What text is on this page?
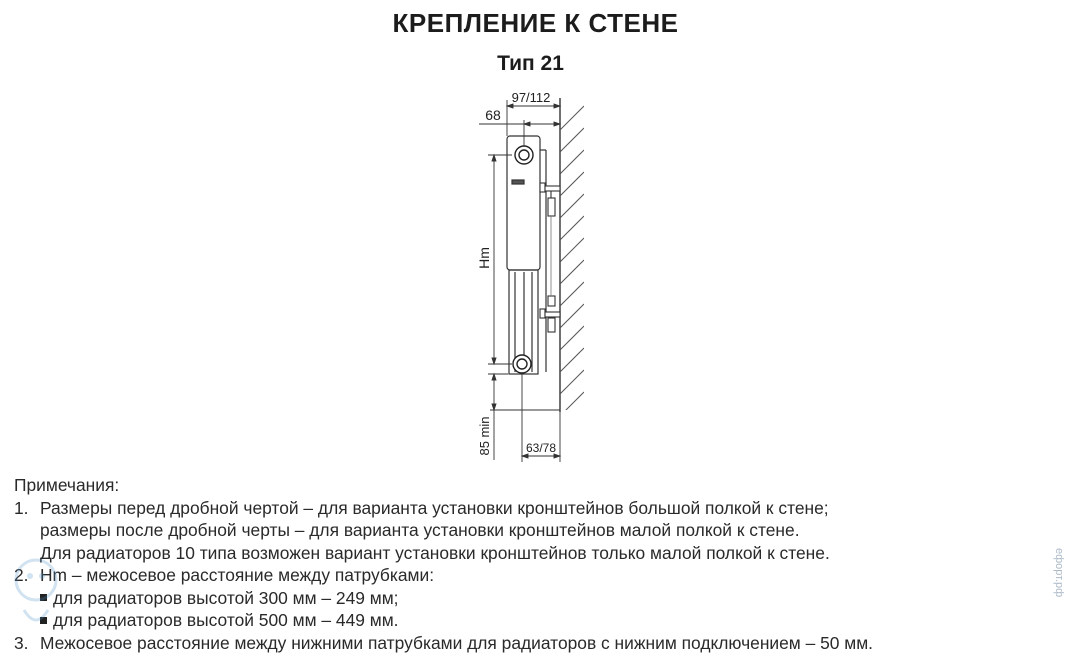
КРЕПЛЕНИЕ К СТЕНЕ
Тип 21
97/112
68
Hm
85 min	63/78
Примечания:
1. Размеры перед дробной чертой – для варианта установки кронштейнов большой полкой к стене;
размеры после дробной черты – для варианта установки кронштейнов малой полкой к стене.
Для радиаторов 10 типа возможен вариант установки кронштейнов только малой полкой к стене.
2. Hm – межосевое расстояние между патрубками:
для радиаторов высотой 300 мм – 249 мм;
для радиаторов высотой 500 мм – 449 мм.
3. Межосевое расстояние между нижними патрубками для радиаторов с нижним подключением – 50 мм.
ефорт.рф
